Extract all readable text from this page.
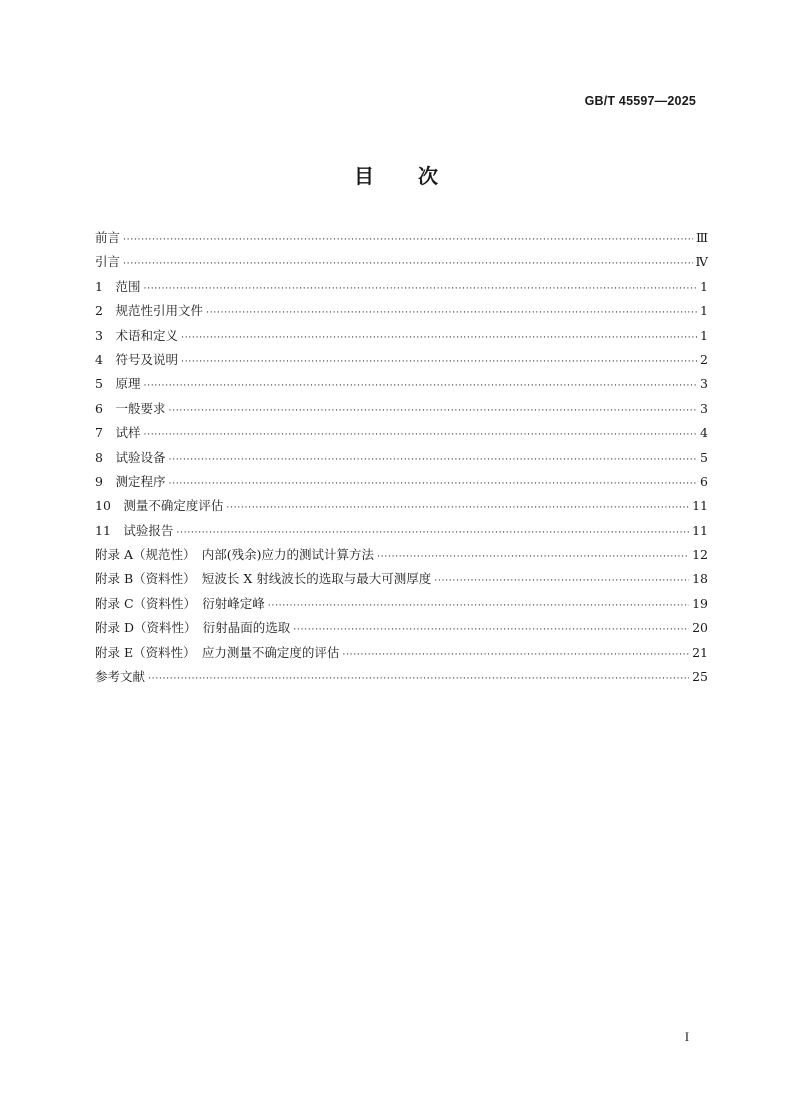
GB/T 45597—2025
目 次
前言 ·····	Ⅲ
引言 ·····	Ⅳ
1　范围 ·····	1
2　规范性引用文件 ·····	1
3　术语和定义 ·····	1
4　符号及说明 ·····	2
5　原理 ·····	3
6　一般要求 ·····	3
7　试样 ·····	4
8　试验设备 ·····	5
9　测定程序 ·····	6
10　测量不确定度评估 ·····	11
11　试验报告 ·····	11
附录 A（规范性）　内部(残余)应力的测试计算方法 ·····	12
附录 B（资料性）　短波长 X 射线波长的选取与最大可测厚度 ·····	18
附录 C（资料性）　衍射峰定峰 ·····	19
附录 D（资料性）　衍射晶面的选取 ·····	20
附录 E（资料性）　应力测量不确定度的评估 ·····	21
参考文献 ·····	25
I
